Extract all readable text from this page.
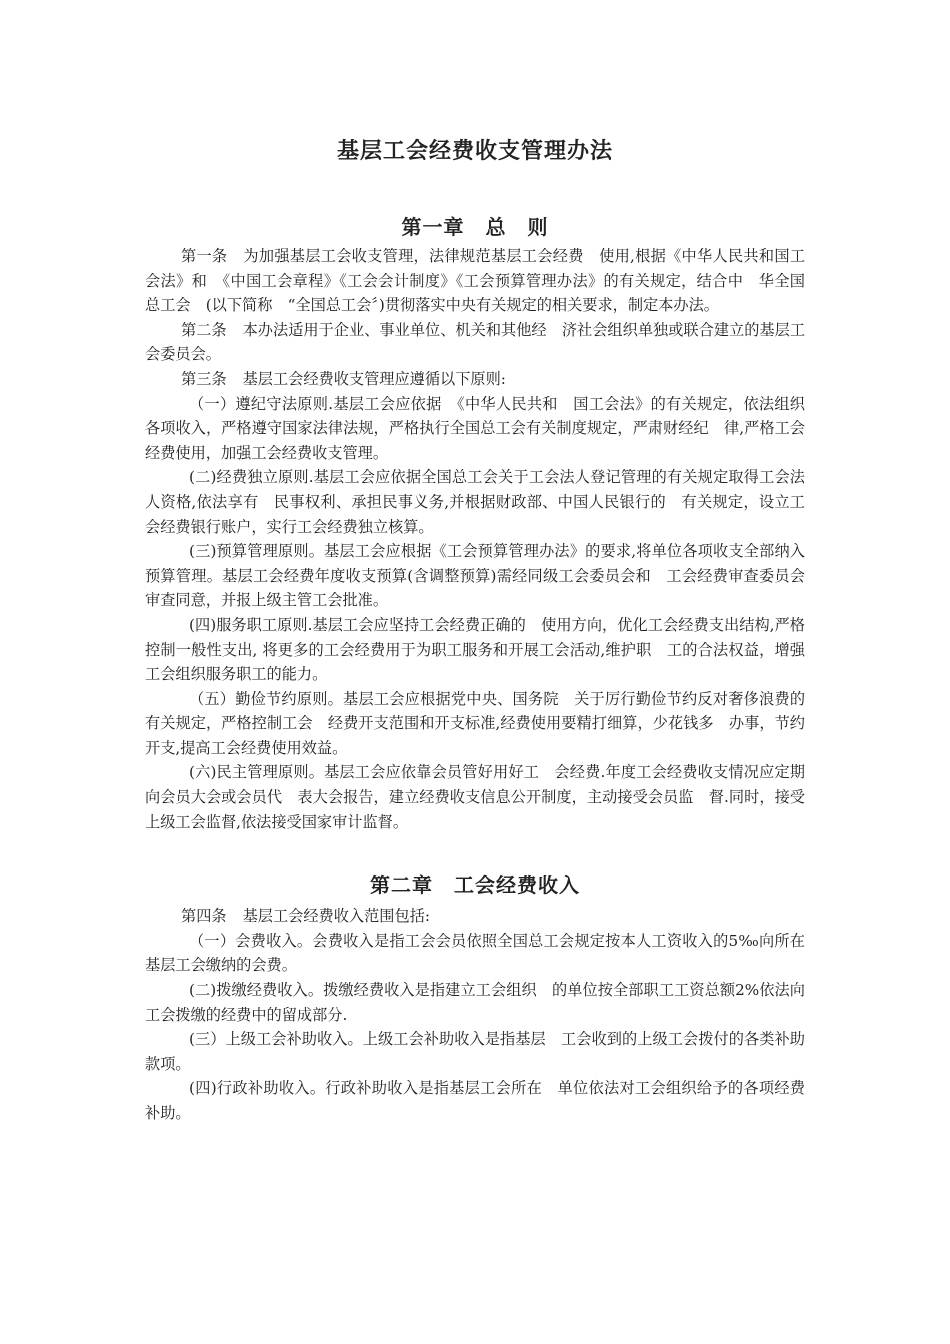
基层工会经费收支管理办法
第一章　总　则

第一条 为加强基层工会收支管理，法律规范基层工会经费　使用,根据《中华人民共和国工会法》和　《中国工会章程》《工会会计制度》《工会预算管理办法》的有关规定，结合中　华全国总工会　(以下简称　“全国总工会〞)贯彻落实中央有关规定的相关要求，制定本办法。

第二条 本办法适用于企业、事业单位、机关和其他经　济社会组织单独或联合建立的基层工会委员会。

第三条 基层工会经费收支管理应遵循以下原则:

（一）遵纪守法原则.基层工会应依据　《中华人民共和　国工会法》的有关规定，依法组织各项收入，严格遵守国家法律法规，严格执行全国总工会有关制度规定，严肃财经纪　律,严格工会经费使用，加强工会经费收支管理。

(二)经费独立原则.基层工会应依据全国总工会关于工会法人登记管理的有关规定取得工会法人资格,依法享有　民事权利、承担民事义务,并根据财政部、中国人民银行的　有关规定，设立工会经费银行账户，实行工会经费独立核算。

(三)预算管理原则。基层工会应根据《工会预算管理办法》的要求,将单位各项收支全部纳入预算管理。基层工会经费年度收支预算(含调整预算)需经同级工会委员会和　工会经费审查委员会审查同意，并报上级主管工会批准。

(四)服务职工原则.基层工会应坚持工会经费正确的　使用方向，优化工会经费支出结构,严格控制一般性支出, 将更多的工会经费用于为职工服务和开展工会活动,维护职　工的合法权益，增强工会组织服务职工的能力。

（五）勤俭节约原则。基层工会应根据党中央、国务院　关于厉行勤俭节约反对奢侈浪费的有关规定，严格控制工会　经费开支范围和开支标准,经费使用要精打细算，少花钱多　办事，节约开支,提高工会经费使用效益。

(六)民主管理原则。基层工会应依靠会员管好用好工　会经费.年度工会经费收支情况应定期向会员大会或会员代　表大会报告，建立经费收支信息公开制度，主动接受会员监　督.同时，接受上级工会监督,依法接受国家审计监督。

第二章　工会经费收入

第四条 基层工会经费收入范围包括:

（一）会费收入。会费收入是指工会会员依照全国总工会规定按本人工资收入的5‰向所在基层工会缴纳的会费。

(二)拨缴经费收入。拨缴经费收入是指建立工会组织　的单位按全部职工工资总额2%依法向工会拨缴的经费中的留成部分.

(三）上级工会补助收入。上级工会补助收入是指基层　工会收到的上级工会拨付的各类补助款项。

(四)行政补助收入。行政补助收入是指基层工会所在　单位依法对工会组织给予的各项经费补助。
